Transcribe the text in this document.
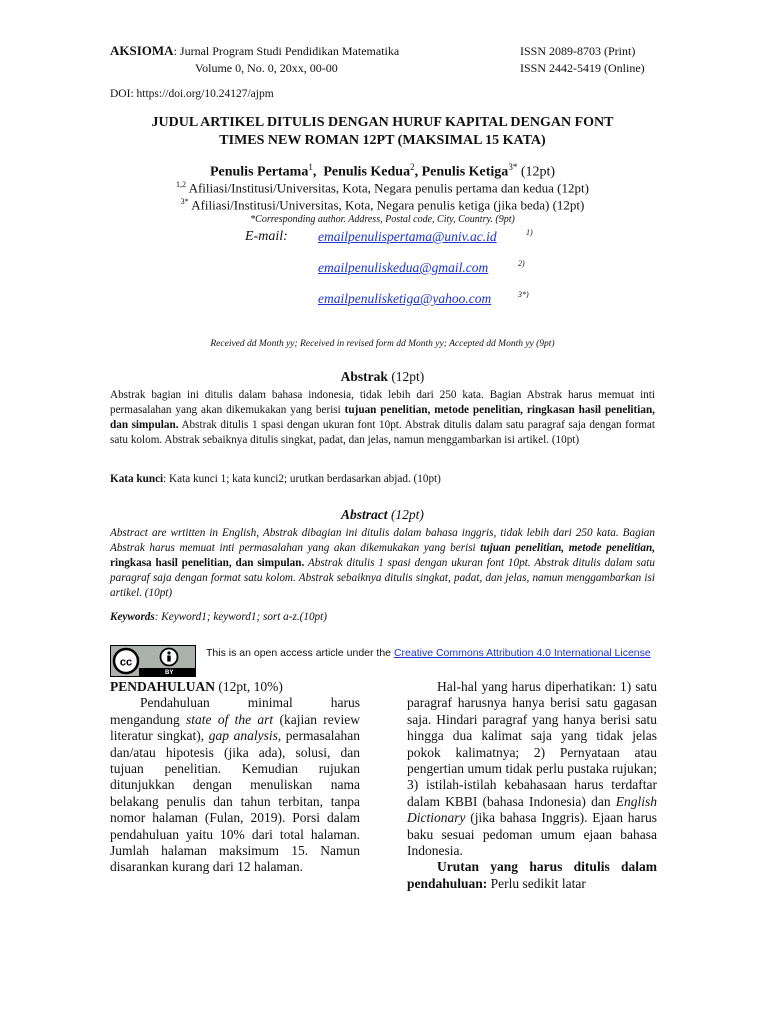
AKSIOMA: Jurnal Program Studi Pendidikan Matematika
Volume 0, No. 0, 20xx, 00-00
ISSN 2089-8703 (Print)
ISSN 2442-5419 (Online)
DOI: https://doi.org/10.24127/ajpm
JUDUL ARTIKEL DITULIS DENGAN HURUF KAPITAL DENGAN FONT
TIMES NEW ROMAN 12PT (MAKSIMAL 15 KATA)
Penulis Pertama$^1$,  Penulis Kedua$^2$, Penulis Ketiga$^{3*}$ (12pt)
$^{1,2}$ Afiliasi/Institusi/Universitas, Kota, Negara penulis pertama dan kedua (12pt)
$^{3*}$ Afiliasi/Institusi/Universitas, Kota, Negara penulis ketiga (jika beda) (12pt)
*Corresponding author. Address, Postal code, City, Country. (9pt)
E-mail: emailpenulispertama@univ.ac.id	1)
emailpenuliskedua@gmail.com	2)
emailpenulisketiga@yahoo.com	3*)
Received dd Month yy; Received in revised form dd Month yy; Accepted dd Month yy (9pt)
Abstrak (12pt)
Abstrak bagian ini ditulis dalam bahasa indonesia, tidak lebih dari 250 kata. Bagian Abstrak harus memuat inti permasalahan yang akan dikemukakan yang berisi tujuan penelitian, metode penelitian, ringkasan hasil penelitian, dan simpulan. Abstrak ditulis 1 spasi dengan ukuran font 10pt. Abstrak ditulis dalam satu paragraf saja dengan format satu kolom. Abstrak sebaiknya ditulis singkat, padat, dan jelas, namun menggambarkan isi artikel. (10pt)
Kata kunci: Kata kunci 1; kata kunci2; urutkan berdasarkan abjad. (10pt)
Abstract (12pt)
Abstract are wrtitten in English, Abstrak dibagian ini ditulis dalam bahasa inggris, tidak lebih dari 250 kata. Bagian Abstrak harus memuat inti permasalahan yang akan dikemukakan yang berisi tujuan penelitian, metode penelitian, ringkasa hasil penelitian, dan simpulan. Abstrak ditulis 1 spasi dengan ukuran font 10pt. Abstrak ditulis dalam satu paragraf saja dengan format satu kolom. Abstrak sebaiknya ditulis singkat, padat, dan jelas, namun menggambarkan isi artikel. (10pt)
Keywords: Keyword1; keyword1; sort a-z.(10pt)
cc
BY
This is an open access article under the Creative Commons Attribution 4.0 International License

PENDAHULUAN (12pt, 10%)

Pendahuluan minimal harus mengandung state of the art (kajian review literatur singkat), gap analysis, permasalahan dan/atau hipotesis (jika ada), solusi, dan tujuan penelitian. Kemudian rujukan ditunjukkan dengan menuliskan nama belakang penulis dan tahun terbitan, tanpa nomor halaman (Fulan, 2019). Porsi dalam pendahuluan yaitu 10% dari total halaman. Jumlah halaman maksimum 15. Namun disarankan kurang dari 12 halaman.

Hal-hal yang harus diperhatikan: 1) satu paragraf harusnya hanya berisi satu gagasan saja. Hindari paragraf yang hanya berisi satu hingga dua kalimat saja yang tidak jelas pokok kalimatnya; 2) Pernyataan atau pengertian umum tidak perlu pustaka rujukan; 3) istilah-istilah kebahasaan harus terdaftar dalam KBBI (bahasa Indonesia) dan English Dictionary (jika bahasa Inggris). Ejaan harus baku sesuai pedoman umum ejaan bahasa Indonesia.

Urutan yang harus ditulis dalam pendahuluan: Perlu sedikit latar
